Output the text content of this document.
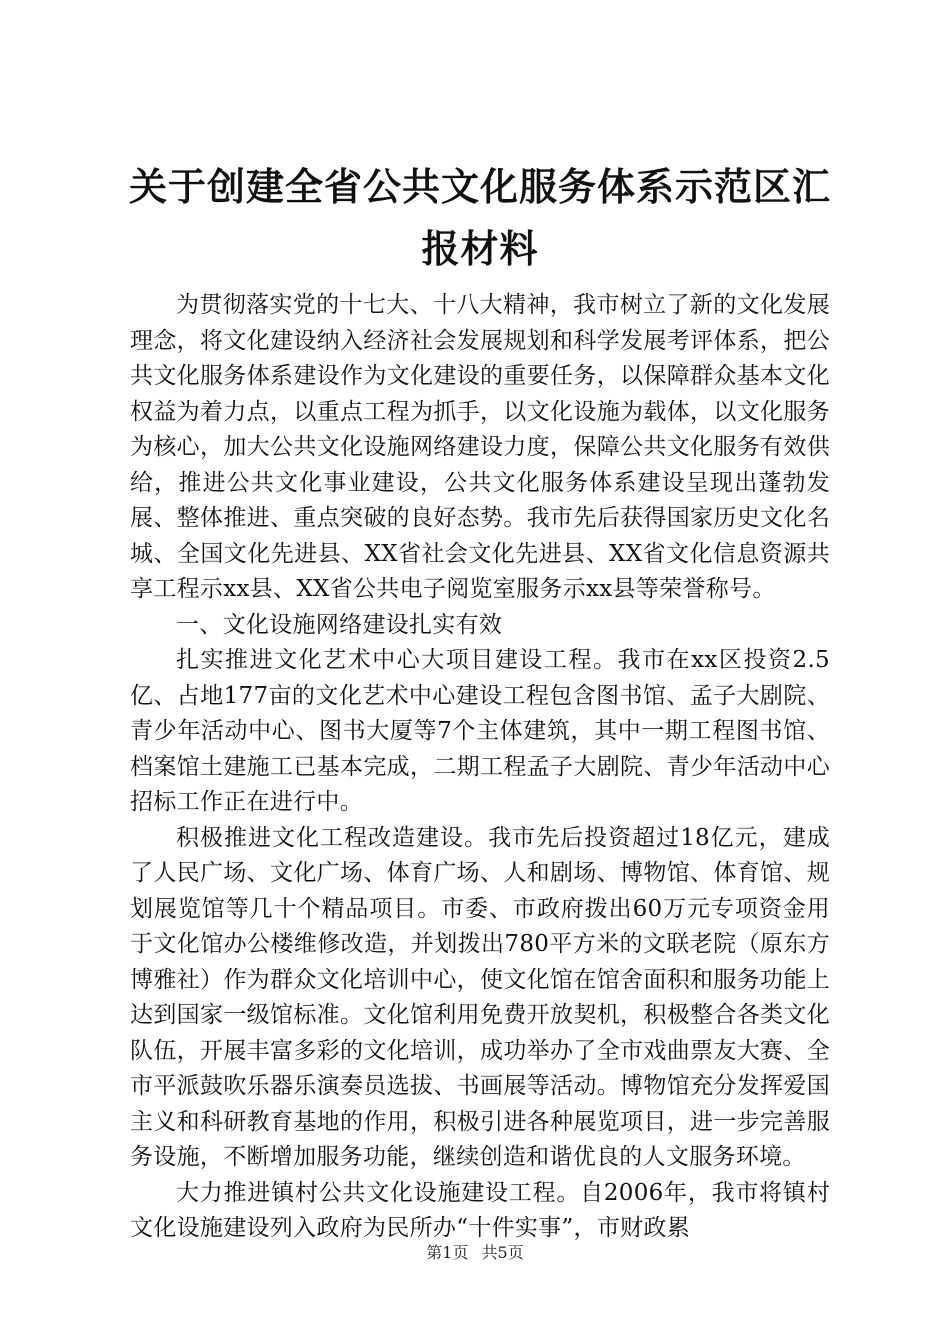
关于创建全省公共文化服务体系示范区汇报材料

为贯彻落实党的十七大、十八大精神，我市树立了新的文化发展理念，将文化建设纳入经济社会发展规划和科学发展考评体系，把公共文化服务体系建设作为文化建设的重要任务，以保障群众基本文化权益为着力点，以重点工程为抓手，以文化设施为载体，以文化服务为核心，加大公共文化设施网络建设力度，保障公共文化服务有效供给，推进公共文化事业建设，公共文化服务体系建设呈现出蓬勃发展、整体推进、重点突破的良好态势。我市先后获得国家历史文化名城、全国文化先进县、XX省社会文化先进县、XX省文化信息资源共享工程示xx县、XX省公共电子阅览室服务示xx县等荣誉称号。

一、文化设施网络建设扎实有效

扎实推进文化艺术中心大项目建设工程。我市在xx区投资2.5亿、占地177亩的文化艺术中心建设工程包含图书馆、孟子大剧院、青少年活动中心、图书大厦等7个主体建筑，其中一期工程图书馆、档案馆土建施工已基本完成，二期工程孟子大剧院、青少年活动中心招标工作正在进行中。

积极推进文化工程改造建设。我市先后投资超过18亿元，建成了人民广场、文化广场、体育广场、人和剧场、博物馆、体育馆、规划展览馆等几十个精品项目。市委、市政府拨出60万元专项资金用于文化馆办公楼维修改造，并划拨出780平方米的文联老院（原东方博雅社）作为群众文化培训中心，使文化馆在馆舍面积和服务功能上达到国家一级馆标准。文化馆利用免费开放契机，积极整合各类文化队伍，开展丰富多彩的文化培训，成功举办了全市戏曲票友大赛、全市平派鼓吹乐器乐演奏员选拔、书画展等活动。博物馆充分发挥爱国主义和科研教育基地的作用，积极引进各种展览项目，进一步完善服务设施，不断增加服务功能，继续创造和谐优良的人文服务环境。

大力推进镇村公共文化设施建设工程。自2006年，我市将镇村文化设施建设列入政府为民所办“十件实事”，市财政累

第1页 共5页
